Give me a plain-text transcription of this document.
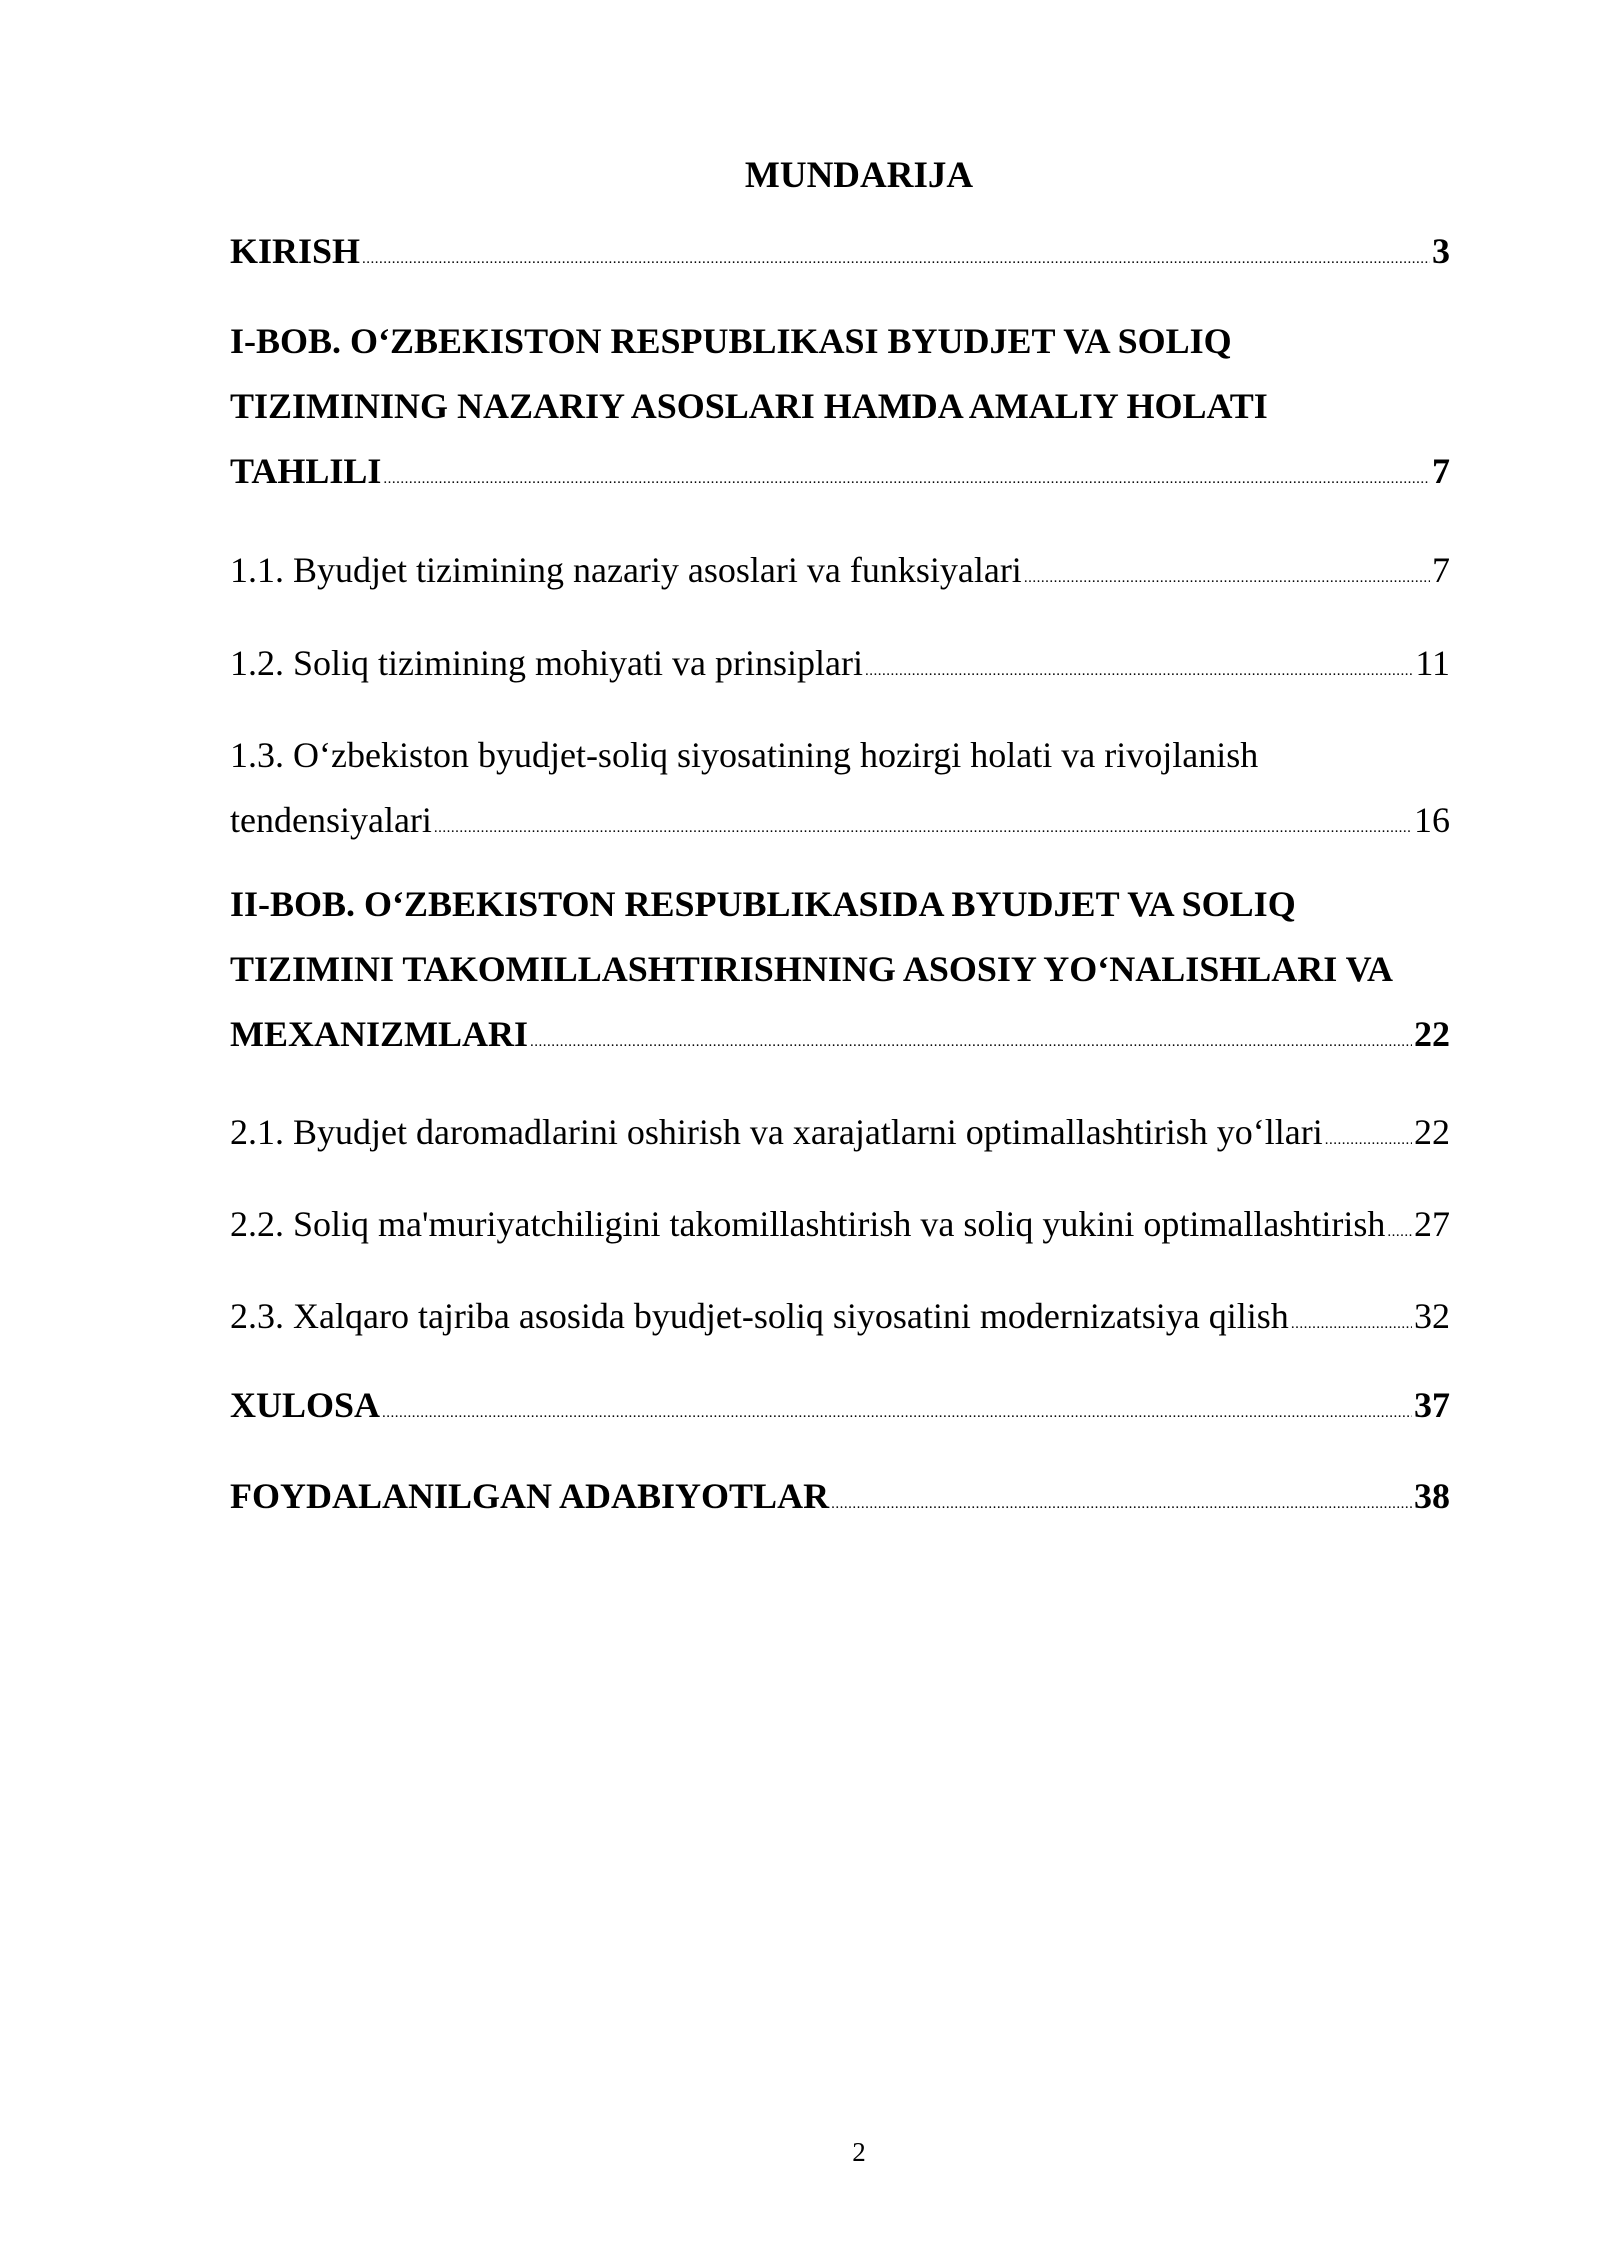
MUNDARIJA
KIRISH .....	3
I-BOB. O‘ZBEKISTON RESPUBLIKASI BYUDJET VA SOLIQ
TIZIMINING NAZARIY ASOSLARI HAMDA AMALIY HOLATI
TAHLILI .....	7
1.1. Byudjet tizimining nazariy asoslari va funksiyalari .....	7
1.2. Soliq tizimining mohiyati va prinsiplari .....	11
1.3. O‘zbekiston byudjet-soliq siyosatining hozirgi holati va rivojlanish
tendensiyalari .....	16
II-BOB. O‘ZBEKISTON RESPUBLIKASIDA BYUDJET VA SOLIQ
TIZIMINI TAKOMILLASHTIRISHNING ASOSIY YO‘NALISHLARI VA
MEXANIZMLARI .....	22
2.1. Byudjet daromadlarini oshirish va xarajatlarni optimallashtirish yo‘llari .....	22
2.2. Soliq ma'muriyatchiligini takomillashtirish va soliq yukini optimallashtirish ..... 27
2.3. Xalqaro tajriba asosida byudjet-soliq siyosatini modernizatsiya qilish .....	32
XULOSA .....	37
FOYDALANILGAN ADABIYOTLAR .....	38
2
